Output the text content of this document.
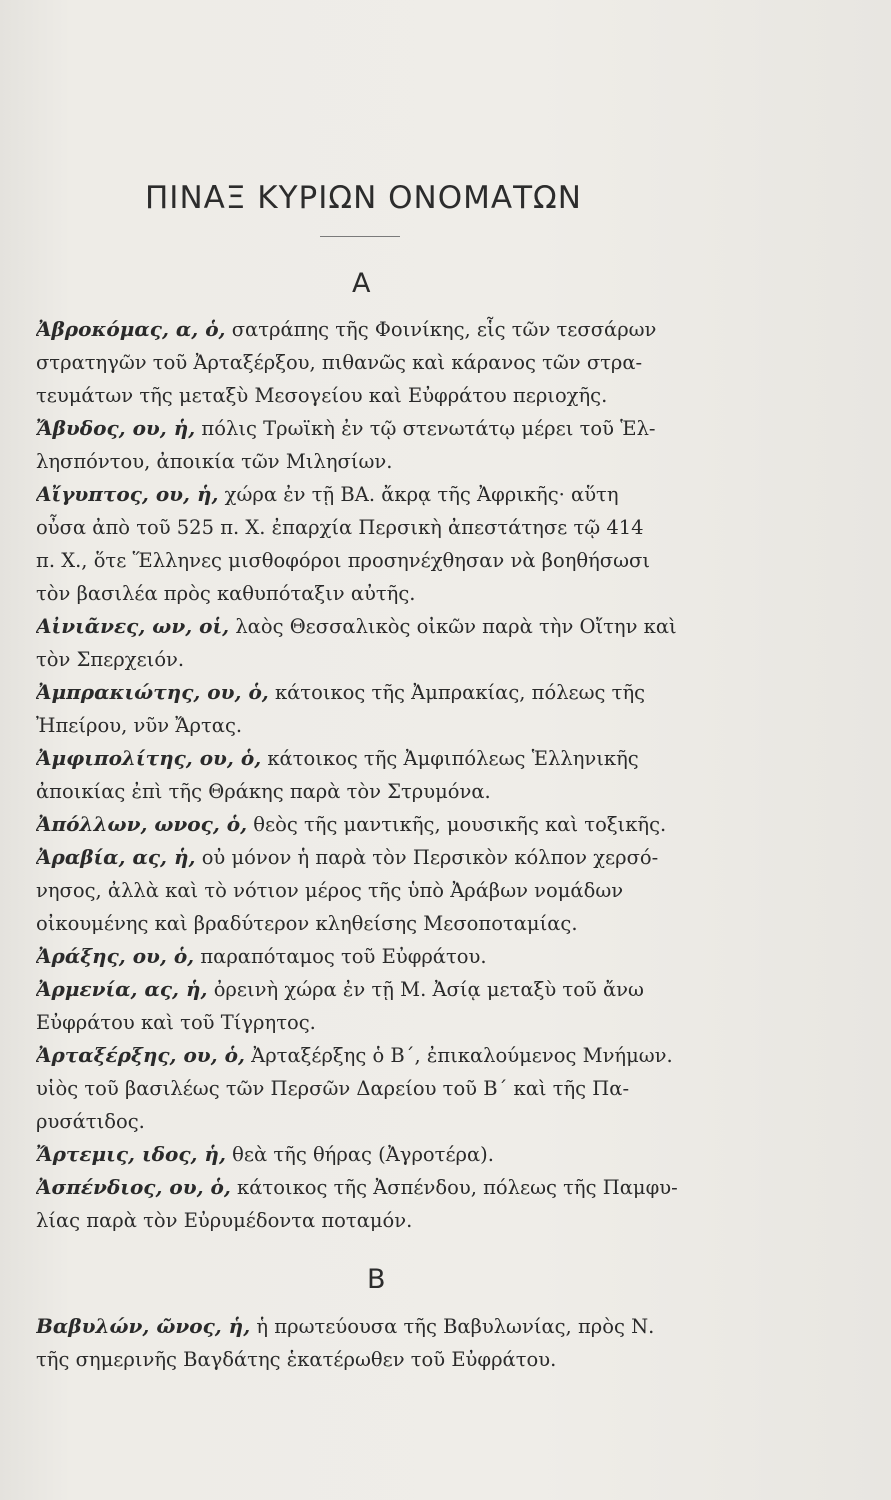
ΠΙΝΑΞ ΚΥΡΙΩΝ ΟΝΟΜΑΤΩΝ
Α
Ἀβροκόμας, α, ὁ, σατράπης τῆς Φοινίκης, εἷς τῶν τεσσάρων
στρατηγῶν τοῦ Ἀρταξέρξου, πιθανῶς καὶ κάρανος τῶν στρα-
τευμάτων τῆς μεταξὺ Μεσογείου καὶ Εὐφράτου περιοχῆς.
Ἄβυδος, ου, ἡ, πόλις Τρωϊκὴ ἐν τῷ στενωτάτῳ μέρει τοῦ Ἑλ-
λησπόντου, ἀποικία τῶν Μιλησίων.
Αἴγυπτος, ου, ἡ, χώρα ἐν τῇ ΒΑ. ἄκρᾳ τῆς Ἀφρικῆς· αὕτη
οὖσα ἀπὸ τοῦ 525 π. Χ. ἐπαρχία Περσικὴ ἀπεστάτησε τῷ 414
π. Χ., ὅτε Ἕλληνες μισθοφόροι προσηνέχθησαν νὰ βοηθήσωσι
τὸν βασιλέα πρὸς καθυπόταξιν αὐτῆς.
Αἰνιᾶνες, ων, οἱ, λαὸς Θεσσαλικὸς οἰκῶν παρὰ τὴν Οἴτην καὶ
τὸν Σπερχειόν.
Ἀμπρακιώτης, ου, ὁ, κάτοικος τῆς Ἀμπρακίας, πόλεως τῆς
Ἠπείρου, νῦν Ἄρτας.
Ἀμφιπολίτης, ου, ὁ, κάτοικος τῆς Ἀμφιπόλεως Ἑλληνικῆς
ἀποικίας ἐπὶ τῆς Θράκης παρὰ τὸν Στρυμόνα.
Ἀπόλλων, ωνος, ὁ, θεὸς τῆς μαντικῆς, μουσικῆς καὶ τοξικῆς.
Ἀραβία, ας, ἡ, οὐ μόνον ἡ παρὰ τὸν Περσικὸν κόλπον χερσό-
νησος, ἀλλὰ καὶ τὸ νότιον μέρος τῆς ὑπὸ Ἀράβων νομάδων
οἰκουμένης καὶ βραδύτερον κληθείσης Μεσοποταμίας.
Ἀράξης, ου, ὁ, παραπόταμος τοῦ Εὐφράτου.
Ἀρμενία, ας, ἡ, ὀρεινὴ χώρα ἐν τῇ Μ. Ἀσίᾳ μεταξὺ τοῦ ἄνω
Εὐφράτου καὶ τοῦ Τίγρητος.
Ἀρταξέρξης, ου, ὁ, Ἀρταξέρξης ὁ Β΄, ἐπικαλούμενος Μνήμων.
υἱὸς τοῦ βασιλέως τῶν Περσῶν Δαρείου τοῦ Β΄ καὶ τῆς Πα-
ρυσάτιδος.
Ἄρτεμις, ιδος, ἡ, θεὰ τῆς θήρας (Ἀγροτέρα).
Ἀσπένδιος, ου, ὁ, κάτοικος τῆς Ἀσπένδου, πόλεως τῆς Παμφυ-
λίας παρὰ τὸν Εὐρυμέδοντα ποταμόν.
Β
Βαβυλών, ῶνος, ἡ, ἡ πρωτεύουσα τῆς Βαβυλωνίας, πρὸς Ν.
τῆς σημερινῆς Βαγδάτης ἑκατέρωθεν τοῦ Εὐφράτου.
